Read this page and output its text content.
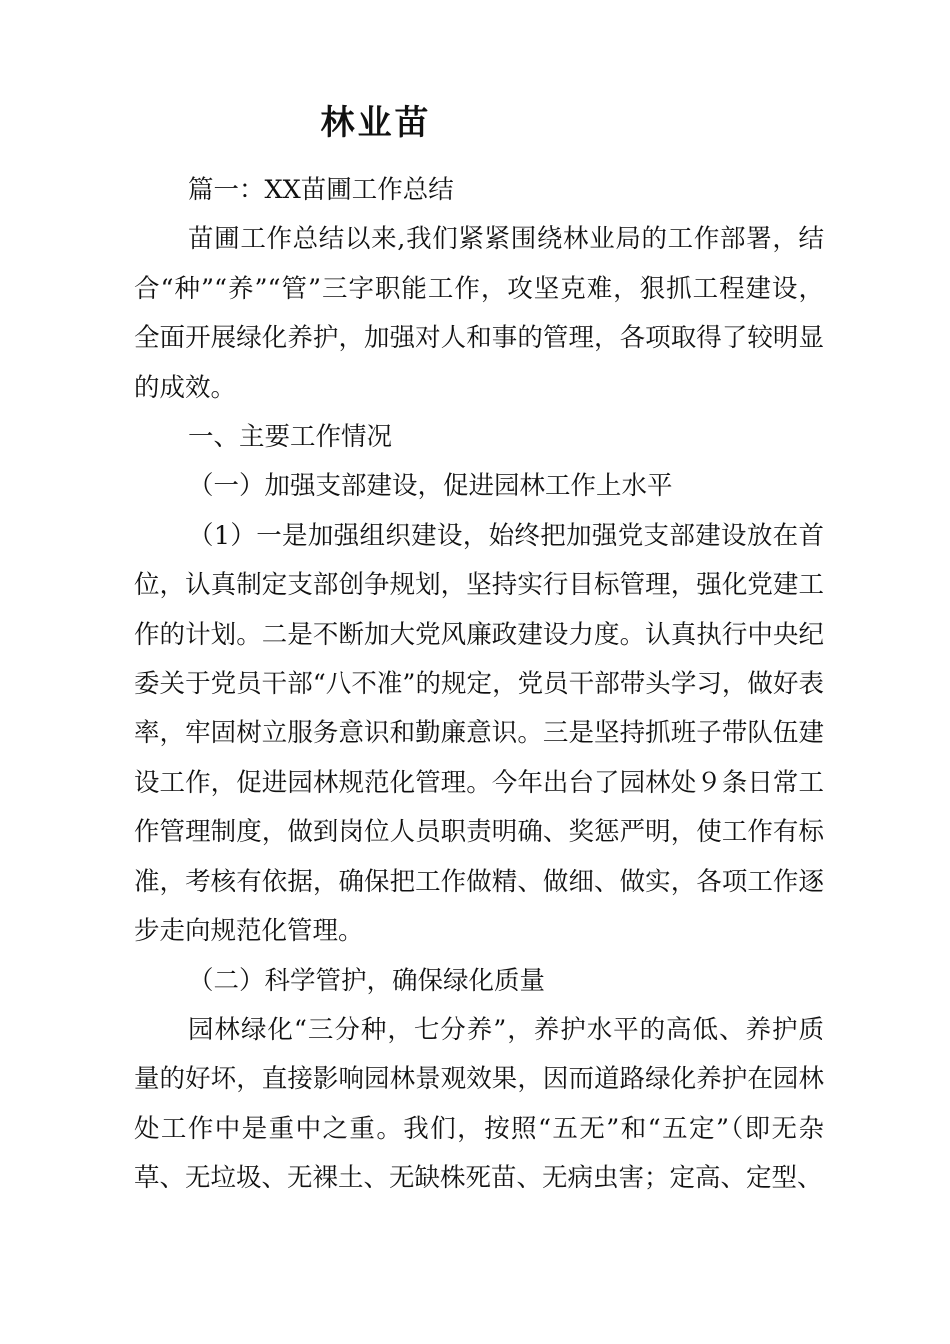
林业苗

篇一：XX苗圃工作总结

苗圃工作总结以来,我们紧紧围绕林业局的工作部署，结合“种”“养”“管”三字职能工作，攻坚克难，狠抓工程建设，全面开展绿化养护，加强对人和事的管理，各项取得了较明显的成效。

一、主要工作情况

（一）加强支部建设，促进园林工作上水平

（1）一是加强组织建设，始终把加强党支部建设放在首位，认真制定支部创争规划，坚持实行目标管理，强化党建工作的计划。二是不断加大党风廉政建设力度。认真执行中央纪委关于党员干部“八不准”的规定，党员干部带头学习，做好表率，牢固树立服务意识和勤廉意识。三是坚持抓班子带队伍建设工作，促进园林规范化管理。今年出台了园林处９条日常工作管理制度，做到岗位人员职责明确、奖惩严明，使工作有标准，考核有依据，确保把工作做精、做细、做实，各项工作逐步走向规范化管理。

（二）科学管护，确保绿化质量

园林绿化“三分种，七分养”，养护水平的高低、养护质量的好坏，直接影响园林景观效果，因而道路绿化养护在园林处工作中是重中之重。我们，按照“五无”和“五定”（即无杂草、无垃圾、无裸土、无缺株死苗、无病虫害；定高、定型、
